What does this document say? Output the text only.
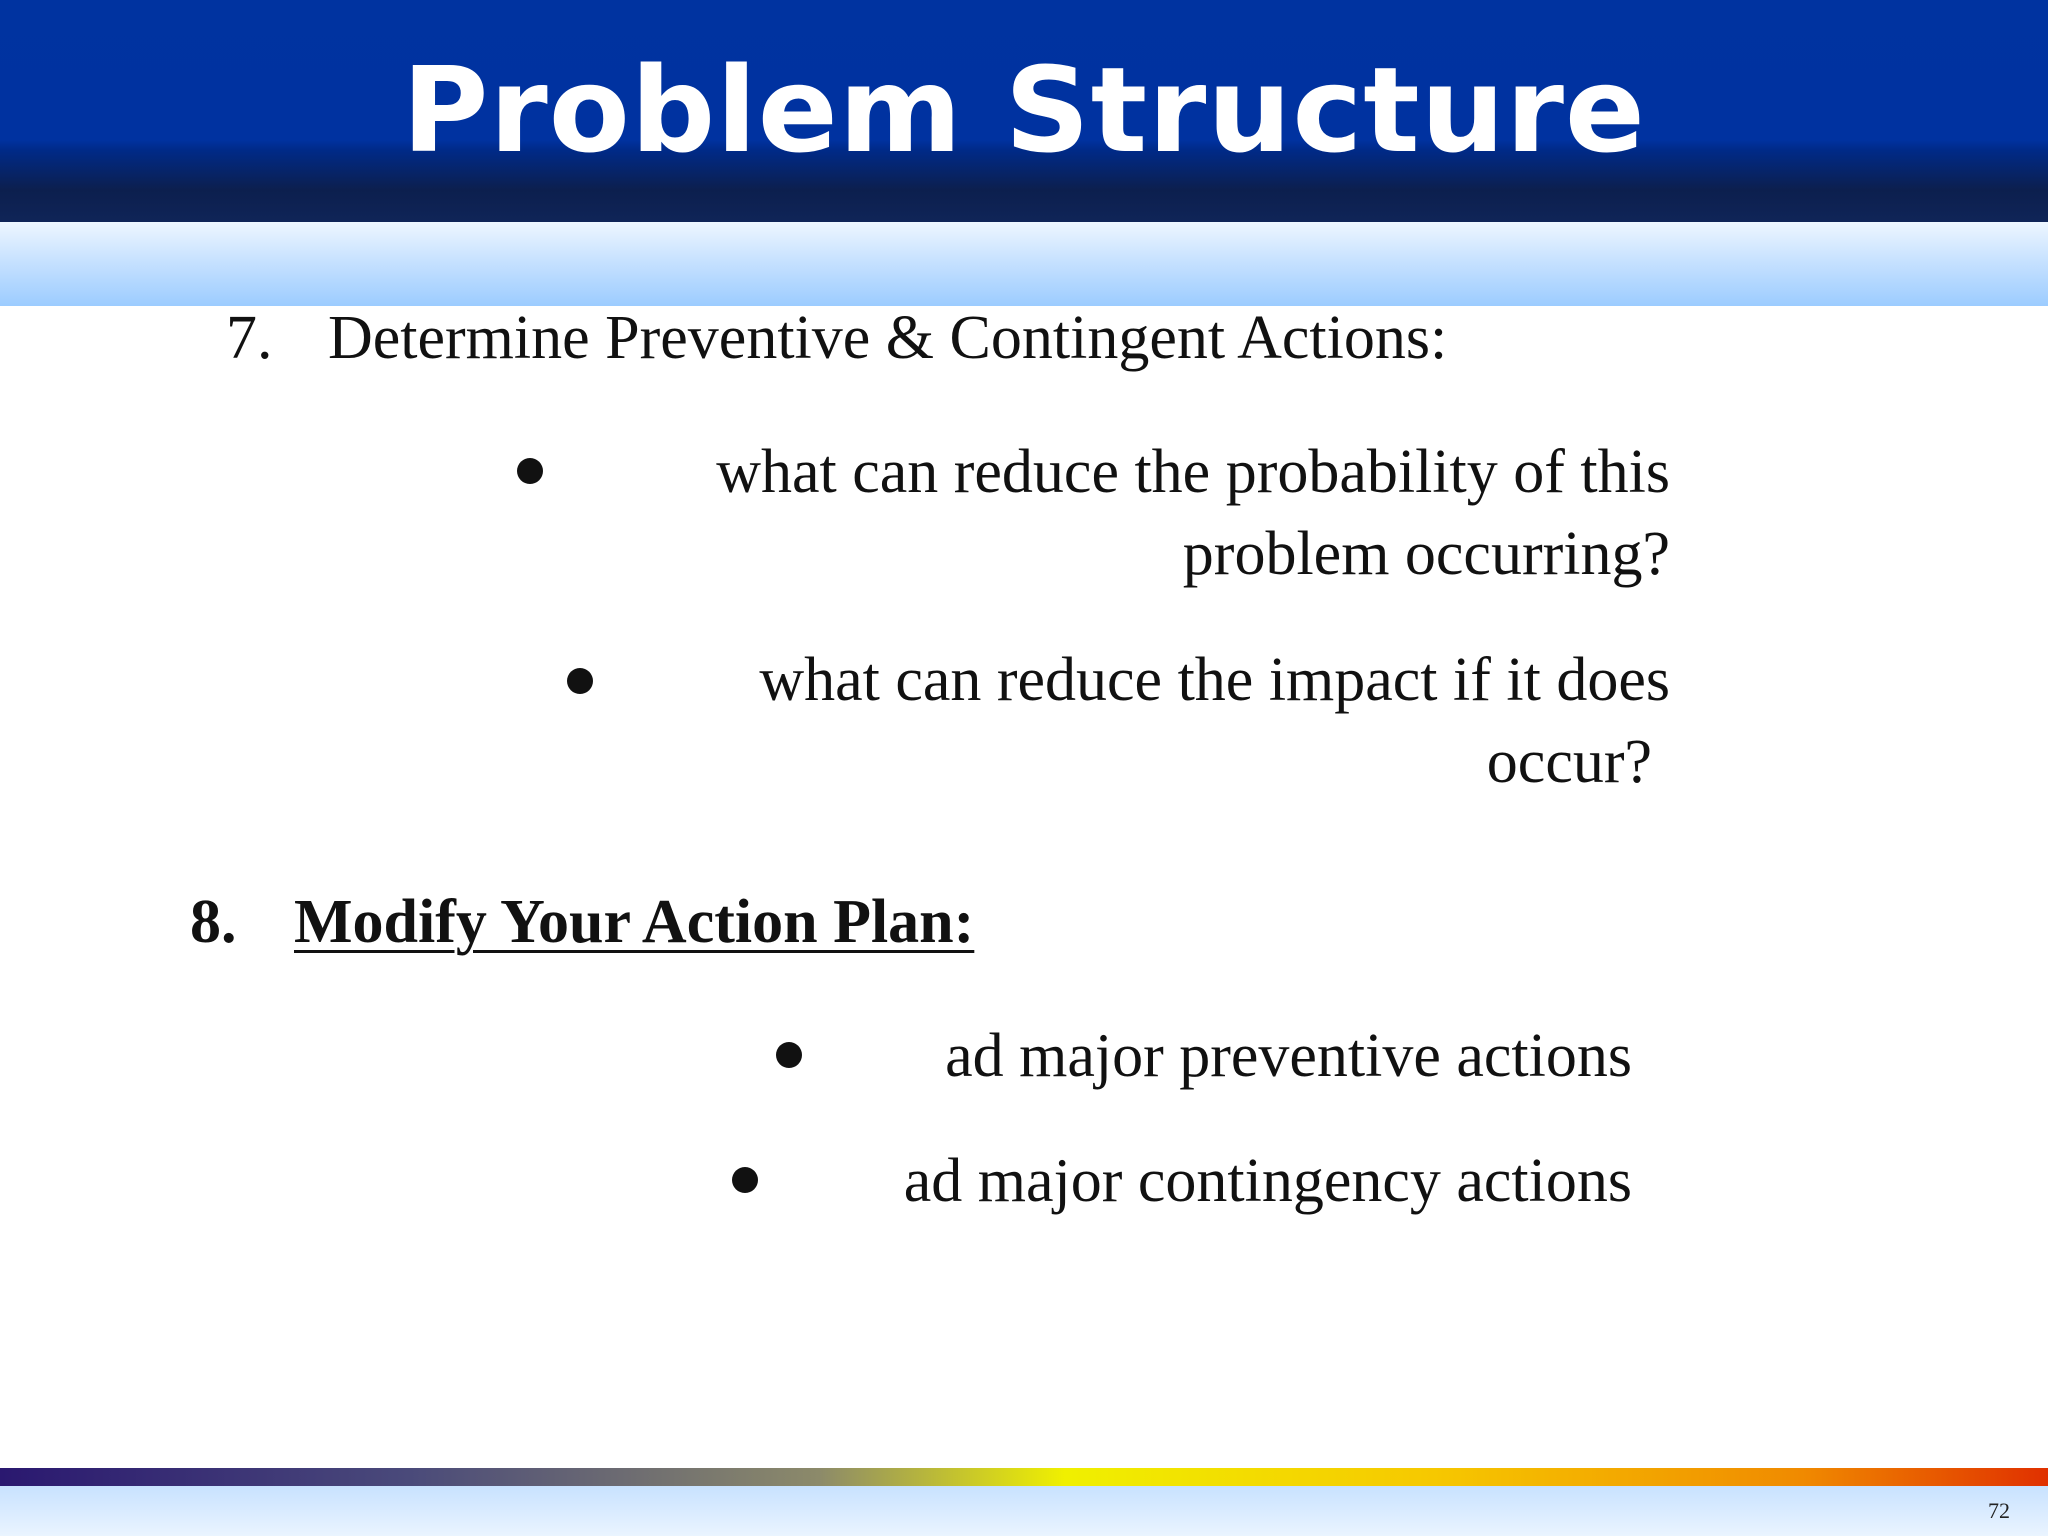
Problem Structure
7. Determine Preventive & Contingent Actions:
what can reduce the probability of this
problem occurring?
what can reduce the impact if it does
occur?
8. Modify Your Action Plan:
ad major preventive actions
ad major contingency actions
72
